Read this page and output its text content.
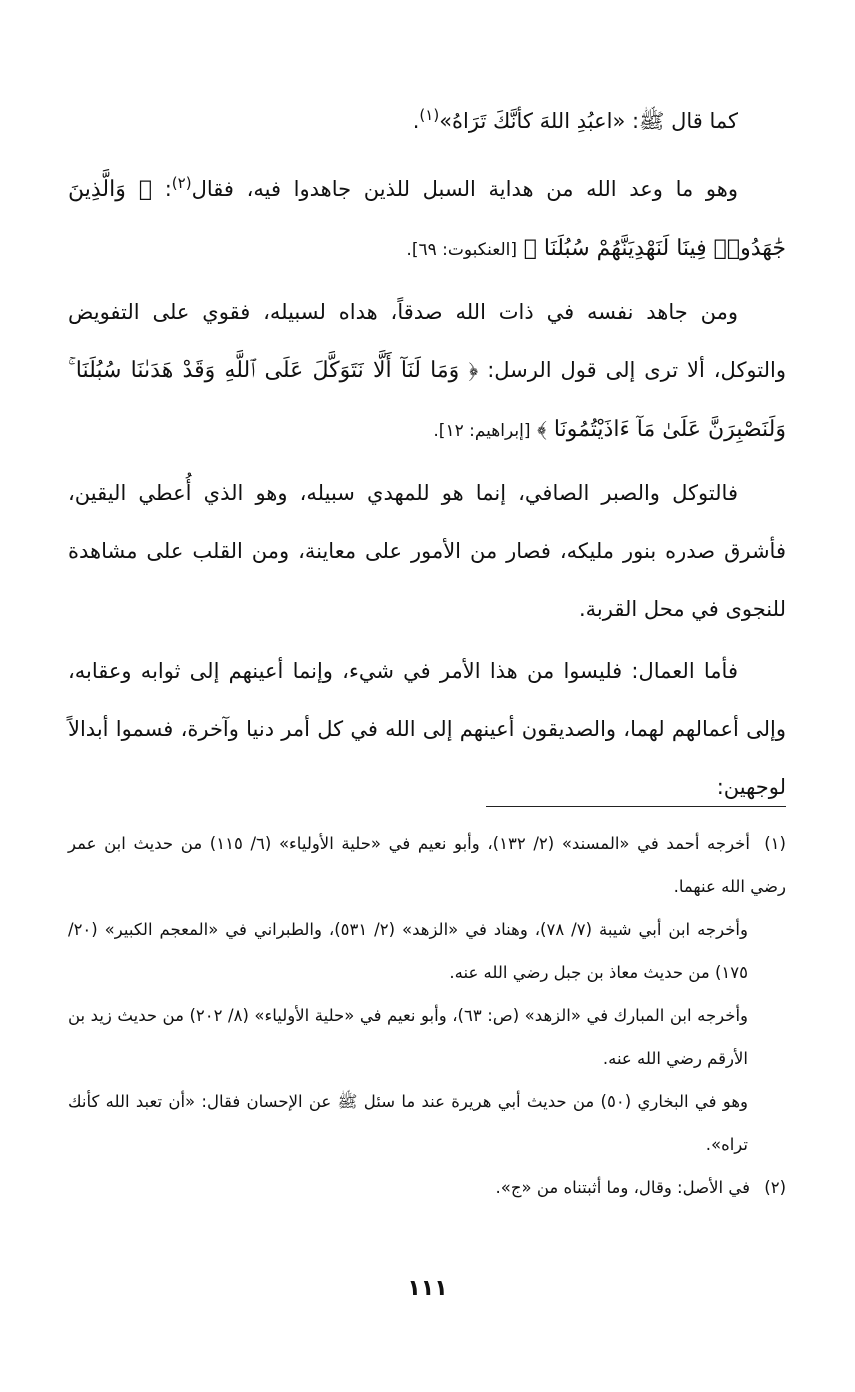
كما قال ﷺ: «اعبُدِ اللهَ كأنَّكَ تَرَاهُ»$^{(١)}$.

وهو ما وعد الله من هداية السبل للذين جاهدوا فيه، فقال$^{(٢)}$: ﴿ وَالَّذِينَ جَٰهَدُوا۟ فِينَا لَنَهْدِيَنَّهُمْ سُبُلَنَا ﴾ [العنكبوت: ٦٩].

ومن جاهد نفسه في ذات الله صدقاً، هداه لسبيله، فقوي على التفويض والتوكل، ألا ترى إلى قول الرسل: ﴿ وَمَا لَنَآ أَلَّا نَتَوَكَّلَ عَلَى ٱللَّهِ وَقَدْ هَدَىٰنَا سُبُلَنَا ۚ وَلَنَصْبِرَنَّ عَلَىٰ مَآ ءَاذَيْتُمُونَا ﴾ [إبراهيم: ١٢].

فالتوكل والصبر الصافي، إنما هو للمهدي سبيله، وهو الذي أُعطي اليقين، فأشرق صدره بنور مليكه، فصار من الأمور على معاينة، ومن القلب على مشاهدة للنجوى في محل القربة.

فأما العمال: فليسوا من هذا الأمر في شيء، وإنما أعينهم إلى ثوابه وعقابه، وإلى أعمالهم لهما، والصديقون أعينهم إلى الله في كل أمر دنيا وآخرة، فسموا أبدالاً لوجهين:

(١)أخرجه أحمد في «المسند» (٢/ ١٣٢)، وأبو نعيم في «حلية الأولياء» (٦/ ١١٥) من حديث ابن عمر رضي الله عنهما.

وأخرجه ابن أبي شيبة (٧/ ٧٨)، وهناد في «الزهد» (٢/ ٥٣١)، والطبراني في «المعجم الكبير» (٢٠/ ١٧٥) من حديث معاذ بن جبل رضي الله عنه.

وأخرجه ابن المبارك في «الزهد» (ص: ٦٣)، وأبو نعيم في «حلية الأولياء» (٨/ ٢٠٢) من حديث زيد بن الأرقم رضي الله عنه.

وهو في البخاري (٥٠) من حديث أبي هريرة عند ما سئل ﷺ عن الإحسان فقال: «أن تعبد الله كأنك تراه».

(٢)في الأصل: وقال، وما أثبتناه من «ج».

١١١
